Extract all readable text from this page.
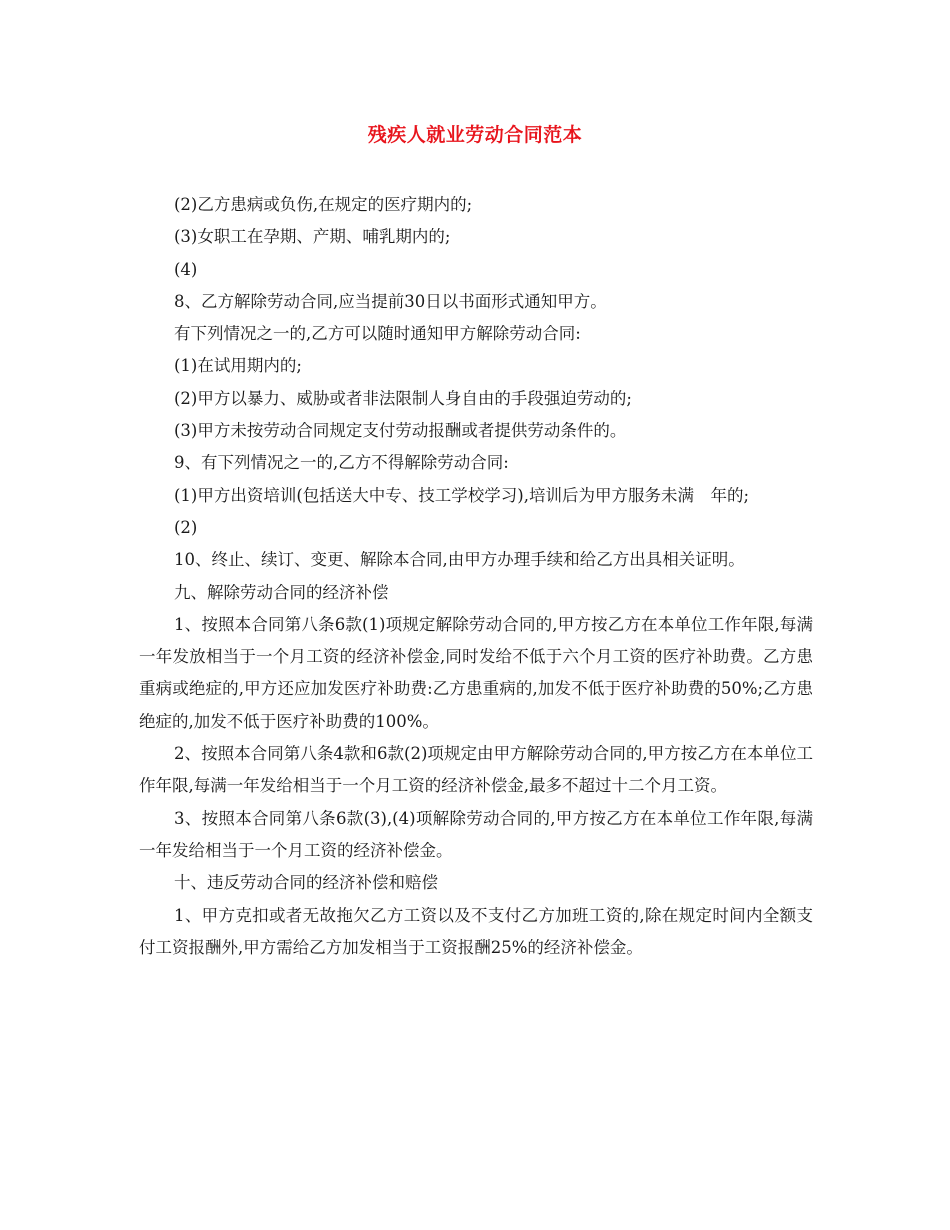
残疾人就业劳动合同范本

(2)乙方患病或负伤,在规定的医疗期内的;

(3)女职工在孕期、产期、哺乳期内的;

(4)

8、乙方解除劳动合同,应当提前30日以书面形式通知甲方。

有下列情况之一的,乙方可以随时通知甲方解除劳动合同:

(1)在试用期内的;

(2)甲方以暴力、威胁或者非法限制人身自由的手段强迫劳动的;

(3)甲方未按劳动合同规定支付劳动报酬或者提供劳动条件的。

9、有下列情况之一的,乙方不得解除劳动合同:

(1)甲方出资培训(包括送大中专、技工学校学习),培训后为甲方服务未满　年的;

(2)

10、终止、续订、变更、解除本合同,由甲方办理手续和给乙方出具相关证明。

九、解除劳动合同的经济补偿

1、按照本合同第八条6款(1)项规定解除劳动合同的,甲方按乙方在本单位工作年限,每满一年发放相当于一个月工资的经济补偿金,同时发给不低于六个月工资的医疗补助费。乙方患重病或绝症的,甲方还应加发医疗补助费:乙方患重病的,加发不低于医疗补助费的50%;乙方患绝症的,加发不低于医疗补助费的100%。

2、按照本合同第八条4款和6款(2)项规定由甲方解除劳动合同的,甲方按乙方在本单位工作年限,每满一年发给相当于一个月工资的经济补偿金,最多不超过十二个月工资。

3、按照本合同第八条6款(3),(4)项解除劳动合同的,甲方按乙方在本单位工作年限,每满一年发给相当于一个月工资的经济补偿金。

十、违反劳动合同的经济补偿和赔偿

1、甲方克扣或者无故拖欠乙方工资以及不支付乙方加班工资的,除在规定时间内全额支付工资报酬外,甲方需给乙方加发相当于工资报酬25%的经济补偿金。
